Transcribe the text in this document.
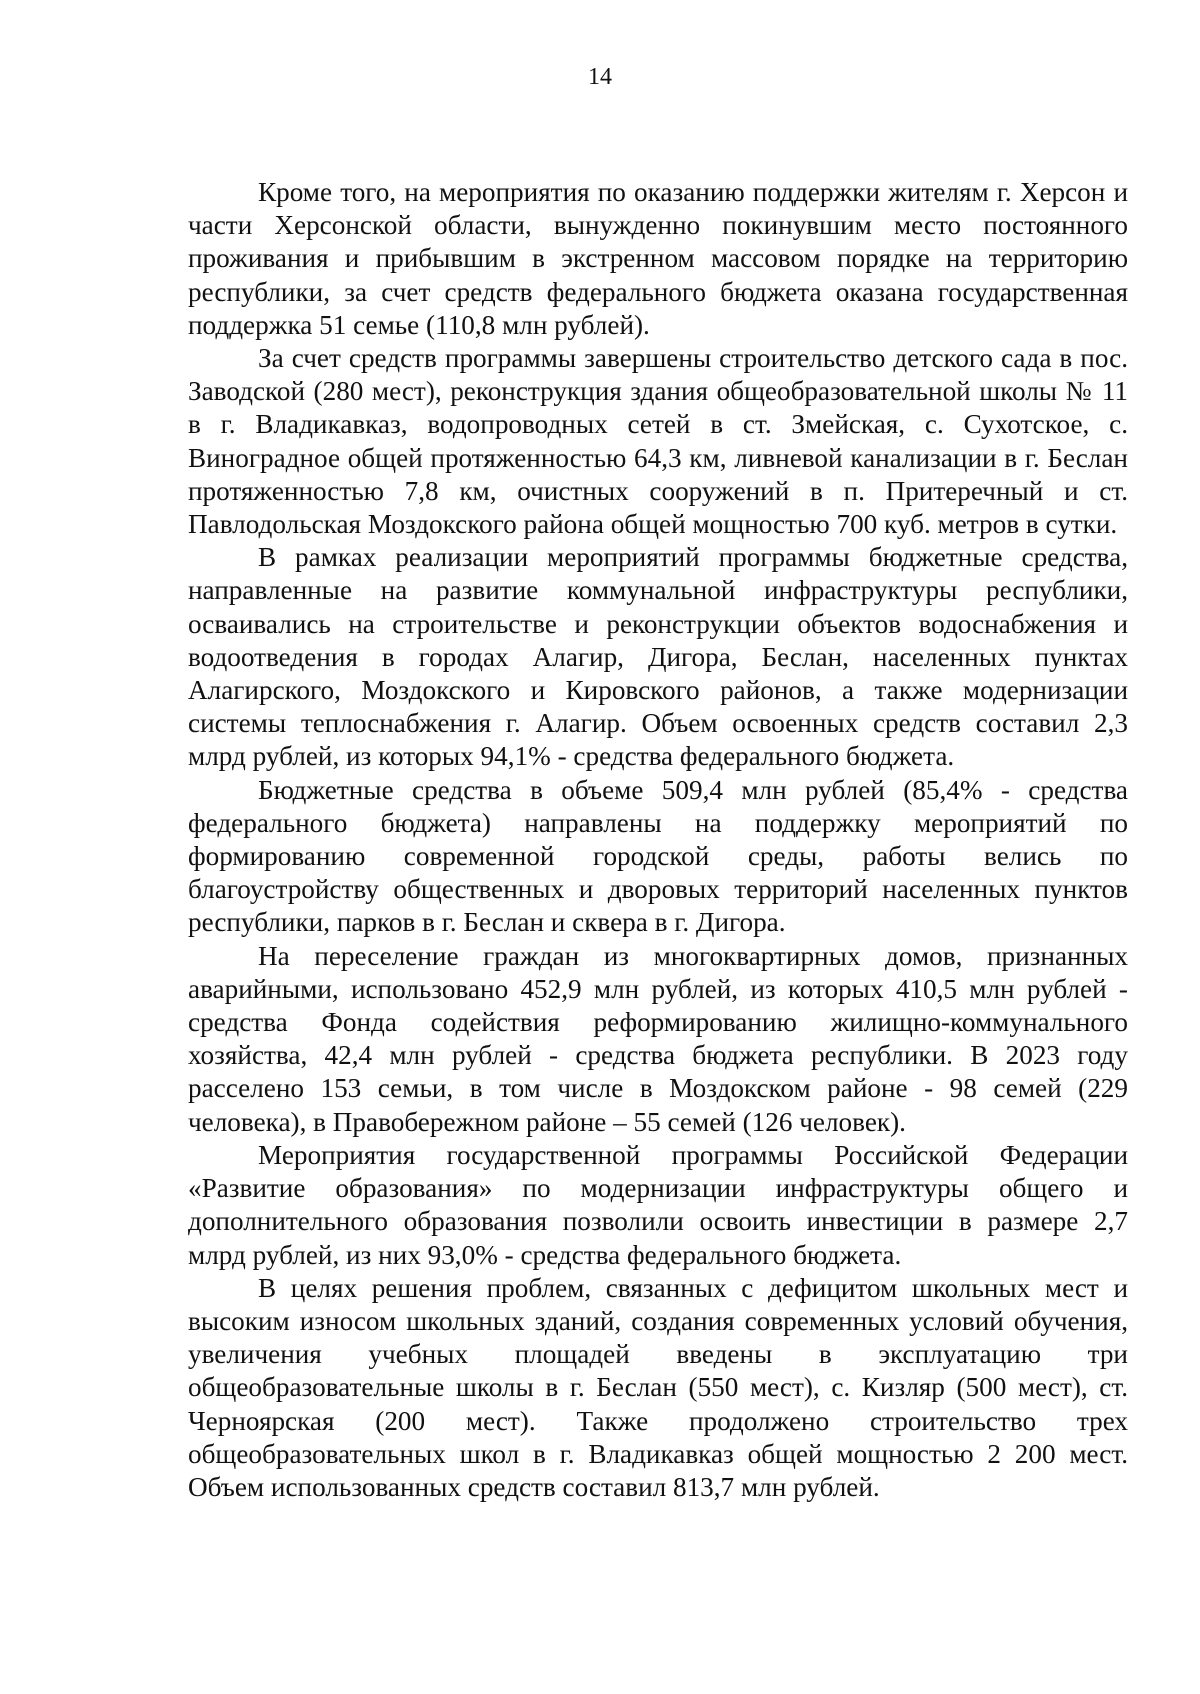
14

Кроме того, на мероприятия по оказанию поддержки жителям г. Херсон и части Херсонской области, вынужденно покинувшим место постоянного проживания и прибывшим в экстренном массовом порядке на территорию республики, за счет средств федерального бюджета оказана государственная поддержка 51 семье (110,8 млн рублей).

За счет средств программы завершены строительство детского сада в пос. Заводской (280 мест), реконструкция здания общеобразовательной школы № 11 в г. Владикавказ, водопроводных сетей в ст. Змейская, с. Сухотское, с. Виноградное общей протяженностью 64,3 км, ливневой канализации в г. Беслан протяженностью 7,8 км, очистных сооружений в п. Притеречный и ст. Павлодольская Моздокского района общей мощностью 700 куб. метров в сутки.

В рамках реализации мероприятий программы бюджетные средства, направленные на развитие коммунальной инфраструктуры республики, осваивались на строительстве и реконструкции объектов водоснабжения и водоотведения в городах Алагир, Дигора, Беслан, населенных пунктах Алагирского, Моздокского и Кировского районов, а также модернизации системы теплоснабжения г. Алагир. Объем освоенных средств составил 2,3 млрд рублей, из которых 94,1% - средства федерального бюджета.

Бюджетные средства в объеме 509,4 млн рублей (85,4% - средства федерального бюджета) направлены на поддержку мероприятий по формированию современной городской среды, работы велись по благоустройству общественных и дворовых территорий населенных пунктов республики, парков в г. Беслан и сквера в г. Дигора.

На переселение граждан из многоквартирных домов, признанных аварийными, использовано 452,9 млн рублей, из которых 410,5 млн рублей - средства Фонда содействия реформированию жилищно-коммунального хозяйства, 42,4 млн рублей - средства бюджета республики. В 2023 году расселено 153 семьи, в том числе в Моздокском районе - 98 семей (229 человека), в Правобережном районе – 55 семей (126 человек).

Мероприятия государственной программы Российской Федерации «Развитие образования» по модернизации инфраструктуры общего и дополнительного образования позволили освоить инвестиции в размере 2,7 млрд рублей, из них 93,0% - средства федерального бюджета.

В целях решения проблем, связанных с дефицитом школьных мест и высоким износом школьных зданий, создания современных условий обучения, увеличения учебных площадей введены в эксплуатацию три общеобразовательные школы в г. Беслан (550 мест), с. Кизляр (500 мест), ст. Черноярская (200 мест). Также продолжено строительство трех общеобразовательных школ в г. Владикавказ общей мощностью 2 200 мест. Объем использованных средств составил 813,7 млн рублей.
